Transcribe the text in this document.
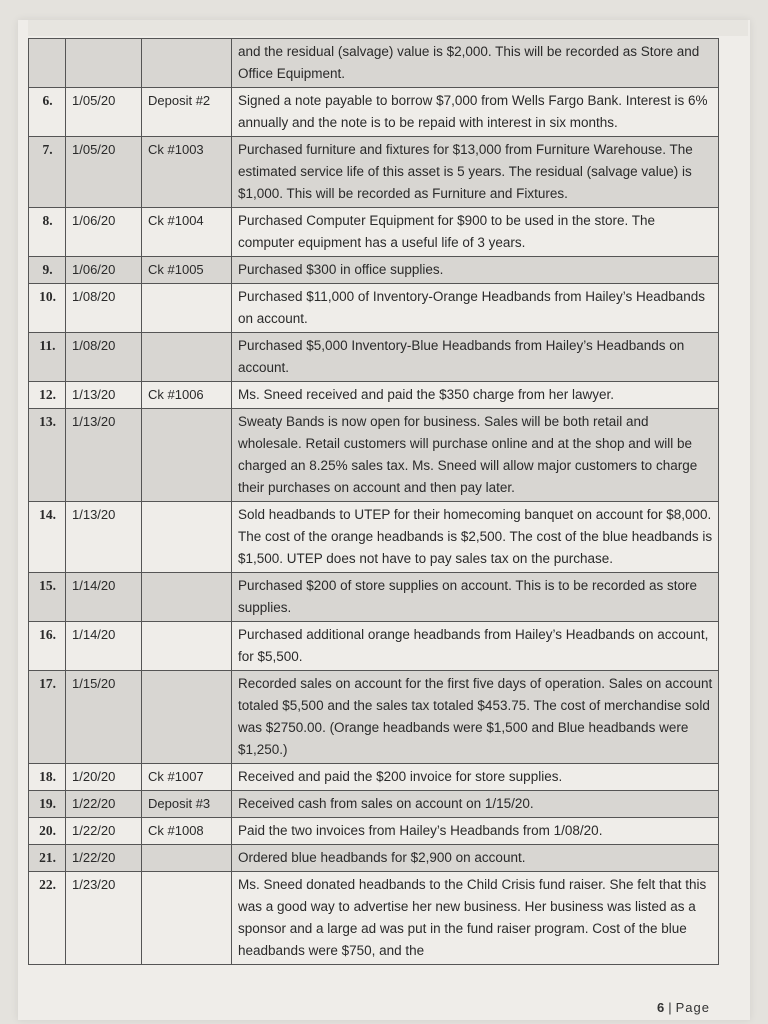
			and the residual (salvage) value is $2,000. This will be recorded as Store and Office Equipment.
6.	1/05/20	Deposit #2	Signed a note payable to borrow $7,000 from Wells Fargo Bank. Interest is 6% annually and the note is to be repaid with interest in six months.
7.	1/05/20	Ck #1003	Purchased furniture and fixtures for $13,000 from Furniture Warehouse. The estimated service life of this asset is 5 years. The residual (salvage value) is $1,000. This will be recorded as Furniture and Fixtures.
8.	1/06/20	Ck #1004	Purchased Computer Equipment for $900 to be used in the store. The computer equipment has a useful life of 3 years.
9.	1/06/20	Ck #1005	Purchased $300 in office supplies.
10.	1/08/20		Purchased $11,000 of Inventory-Orange Headbands from Hailey’s Headbands on account.
11.	1/08/20		Purchased $5,000 Inventory-Blue Headbands from Hailey’s Headbands on account.
12.	1/13/20	Ck #1006	Ms. Sneed received and paid the $350 charge from her lawyer.
13.	1/13/20		Sweaty Bands is now open for business. Sales will be both retail and wholesale. Retail customers will purchase online and at the shop and will be charged an 8.25% sales tax. Ms. Sneed will allow major customers to charge their purchases on account and then pay later.
14.	1/13/20		Sold headbands to UTEP for their homecoming banquet on account for $8,000. The cost of the orange headbands is $2,500. The cost of the blue headbands is $1,500. UTEP does not have to pay sales tax on the purchase.
15.	1/14/20		Purchased $200 of store supplies on account. This is to be recorded as store supplies.
16.	1/14/20		Purchased additional orange headbands from Hailey’s Headbands on account, for $5,500.
17.	1/15/20		Recorded sales on account for the first five days of operation. Sales on account totaled $5,500 and the sales tax totaled $453.75. The cost of merchandise sold was $2750.00. (Orange headbands were $1,500 and Blue headbands were $1,250.)
18.	1/20/20	Ck #1007	Received and paid the $200 invoice for store supplies.
19.	1/22/20	Deposit #3	Received cash from sales on account on 1/15/20.
20.	1/22/20	Ck #1008	Paid the two invoices from Hailey’s Headbands from 1/08/20.
21.	1/22/20		Ordered blue headbands for $2,900 on account.
22.	1/23/20		Ms. Sneed donated headbands to the Child Crisis fund raiser. She felt that this was a good way to advertise her new business. Her business was listed as a sponsor and a large ad was put in the fund raiser program. Cost of the blue headbands were $750, and the
6 | Page
